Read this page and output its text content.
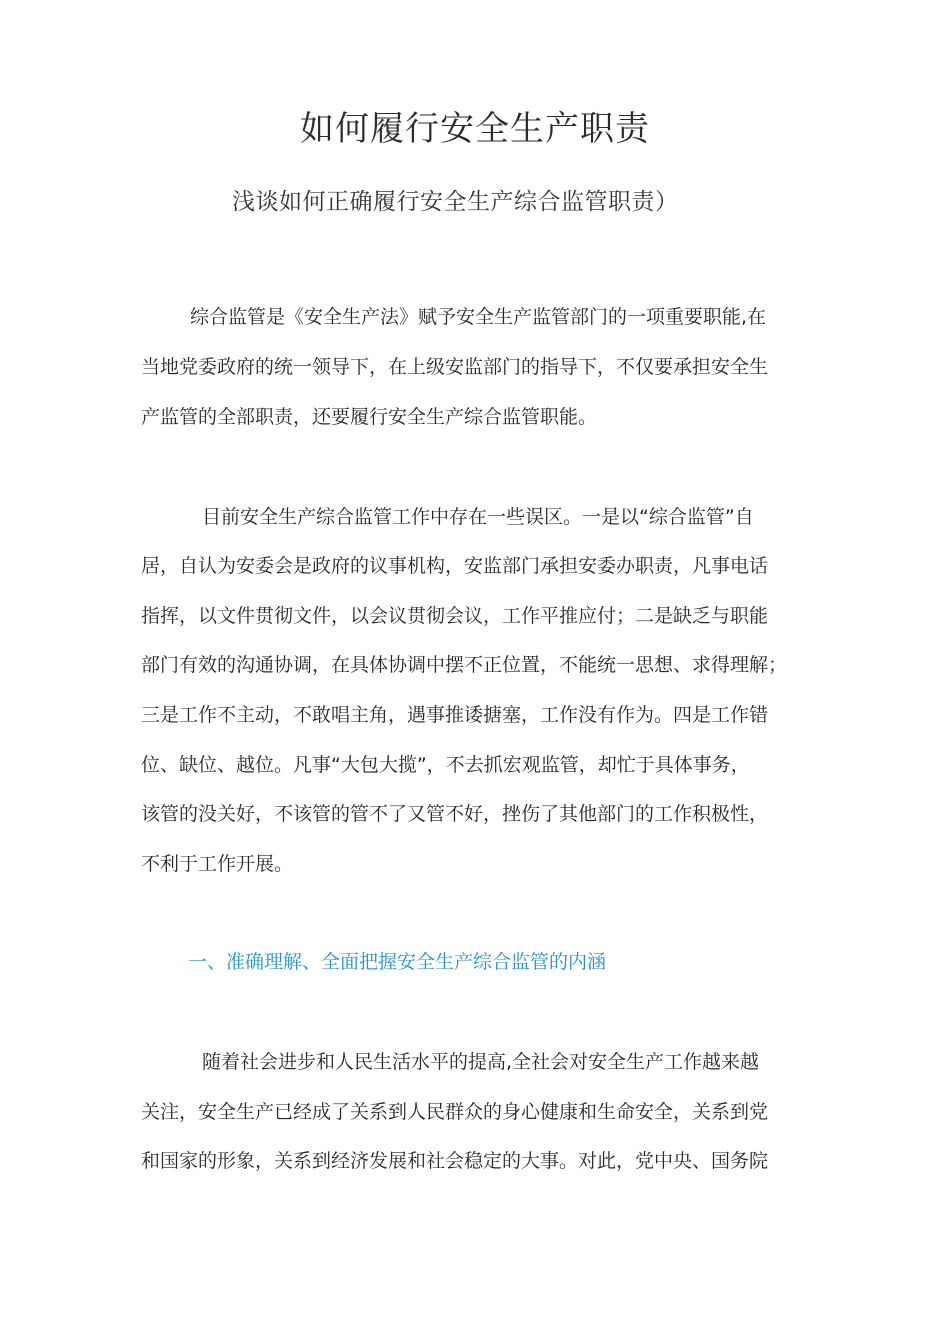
如何履行安全生产职责
浅谈如何正确履行安全生产综合监管职责）
综合监管是《安全生产法》赋予安全生产监管部门的一项重要职能,在
当地党委政府的统一领导下，在上级安监部门的指导下，不仅要承担安全生
产监管的全部职责，还要履行安全生产综合监管职能。
目前安全生产综合监管工作中存在一些误区。一是以“综合监管”自
居，自认为安委会是政府的议事机构，安监部门承担安委办职责，凡事电话
指挥，以文件贯彻文件，以会议贯彻会议，工作平推应付；二是缺乏与职能
部门有效的沟通协调，在具体协调中摆不正位置，不能统一思想、求得理解；
三是工作不主动，不敢唱主角，遇事推诿搪塞，工作没有作为。四是工作错
位、缺位、越位。凡事“大包大揽”，不去抓宏观监管，却忙于具体事务，
该管的没关好，不该管的管不了又管不好，挫伤了其他部门的工作积极性，
不利于工作开展。
一、准确理解、全面把握安全生产综合监管的内涵
随着社会进步和人民生活水平的提高,全社会对安全生产工作越来越
关注，安全生产已经成了关系到人民群众的身心健康和生命安全，关系到党
和国家的形象，关系到经济发展和社会稳定的大事。对此，党中央、国务院
